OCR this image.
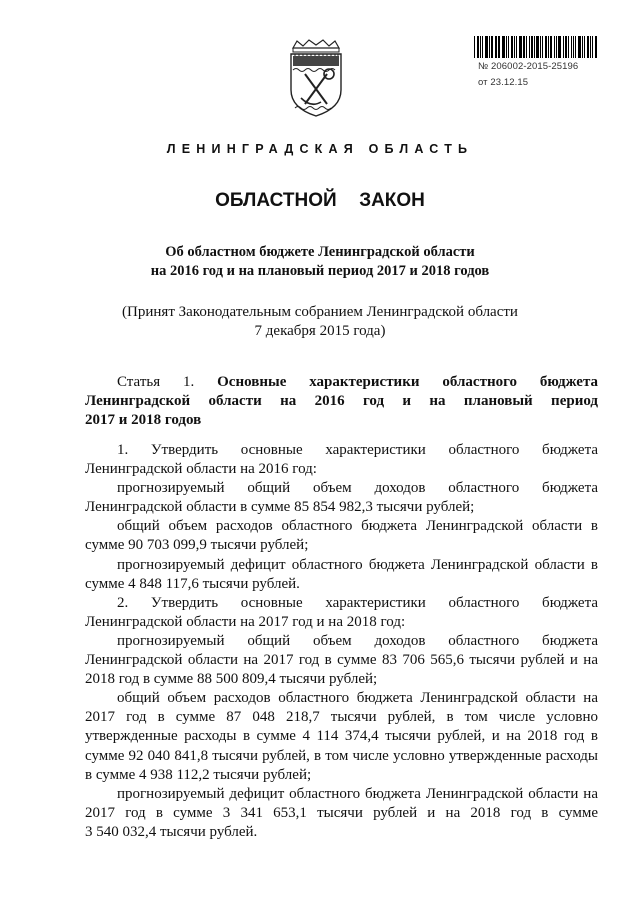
№ 206002-2015-25196
от 23.12.15
ЛЕНИНГРАДСКАЯ ОБЛАСТЬ
ОБЛАСТНОЙ  ЗАКОН
Об областном бюджете Ленинградской области
на 2016 год и на плановый период 2017 и 2018 годов
(Принят Законодательным собранием Ленинградской области
7 декабря 2015 года)

Статья 1. Основные характеристики областного бюджета

Ленинградской области на 2016 год и на плановый период

2017 и 2018 годов

1. Утвердить основные характеристики областного бюджета

Ленинградской области на 2016 год:

прогнозируемый общий объем доходов областного бюджета

Ленинградской области в сумме 85 854 982,3 тысячи рублей;

общий объем расходов областного бюджета Ленинградской области в

сумме 90 703 099,9 тысячи рублей;

прогнозируемый дефицит областного бюджета Ленинградской области в

сумме 4 848 117,6 тысячи рублей.

2. Утвердить основные характеристики областного бюджета

Ленинградской области на 2017 год и на 2018 год:

прогнозируемый общий объем доходов областного бюджета

Ленинградской области на 2017 год в сумме 83 706 565,6 тысячи рублей и на

2018 год в сумме 88 500 809,4 тысячи рублей;

общий объем расходов областного бюджета Ленинградской области на

2017 год в сумме 87 048 218,7 тысячи рублей, в том числе условно

утвержденные расходы в сумме 4 114 374,4 тысячи рублей, и на 2018 год в

сумме 92 040 841,8 тысячи рублей, в том числе условно утвержденные расходы

в сумме 4 938 112,2 тысячи рублей;

прогнозируемый дефицит областного бюджета Ленинградской области на

2017 год в сумме 3 341 653,1 тысячи рублей и на 2018 год в сумме

3 540 032,4 тысячи рублей.
